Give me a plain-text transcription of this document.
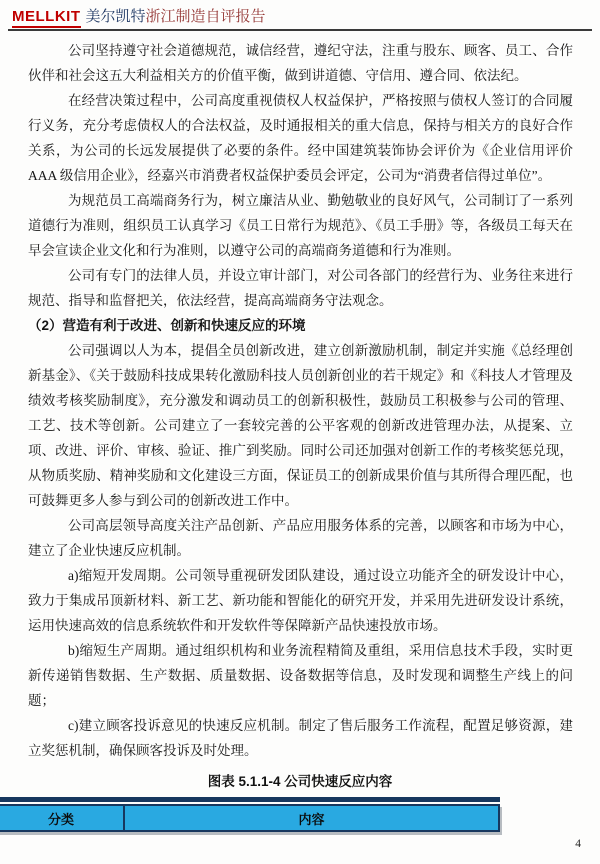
MELLKIT 美尔凯特浙江制造自评报告

公司坚持遵守社会道德规范，诚信经营，遵纪守法，注重与股东、顾客、员工、合作伙伴和社会这五大利益相关方的价值平衡，做到讲道德、守信用、遵合同、依法纪。

在经营决策过程中，公司高度重视债权人权益保护，严格按照与债权人签订的合同履行义务，充分考虑债权人的合法权益，及时通报相关的重大信息，保持与相关方的良好合作关系，为公司的长远发展提供了必要的条件。经中国建筑装饰协会评价为《企业信用评价 AAA 级信用企业》，经嘉兴市消费者权益保护委员会评定，公司为“消费者信得过单位”。

为规范员工高端商务行为，树立廉洁从业、勤勉敬业的良好风气，公司制订了一系列道德行为准则，组织员工认真学习《员工日常行为规范》、《员工手册》等，各级员工每天在早会宣读企业文化和行为准则，以遵守公司的高端商务道德和行为准则。

公司有专门的法律人员，并设立审计部门，对公司各部门的经营行为、业务往来进行规范、指导和监督把关，依法经营，提高高端商务守法观念。

（2）营造有利于改进、创新和快速反应的环境

公司强调以人为本，提倡全员创新改进，建立创新激励机制，制定并实施《总经理创新基金》、《关于鼓励科技成果转化激励科技人员创新创业的若干规定》和《科技人才管理及绩效考核奖励制度》，充分激发和调动员工的创新积极性，鼓励员工积极参与公司的管理、工艺、技术等创新。公司建立了一套较完善的公平客观的创新改进管理办法，从提案、立项、改进、评价、审核、验证、推广到奖励。同时公司还加强对创新工作的考核奖惩兑现，从物质奖励、精神奖励和文化建设三方面，保证员工的创新成果价值与其所得合理匹配，也可鼓舞更多人参与到公司的创新改进工作中。

公司高层领导高度关注产品创新、产品应用服务体系的完善，以顾客和市场为中心，建立了企业快速反应机制。

a)缩短开发周期。公司领导重视研发团队建设，通过设立功能齐全的研发设计中心，致力于集成吊顶新材料、新工艺、新功能和智能化的研究开发，并采用先进研发设计系统，运用快速高效的信息系统软件和开发软件等保障新产品快速投放市场。

b)缩短生产周期。通过组织机构和业务流程精简及重组，采用信息技术手段，实时更新传递销售数据、生产数据、质量数据、设备数据等信息，及时发现和调整生产线上的问题；

c)建立顾客投诉意见的快速反应机制。制定了售后服务工作流程，配置足够资源，建立奖惩机制，确保顾客投诉及时处理。

图表 5.1.1-4 公司快速反应内容
分类	内容
4
